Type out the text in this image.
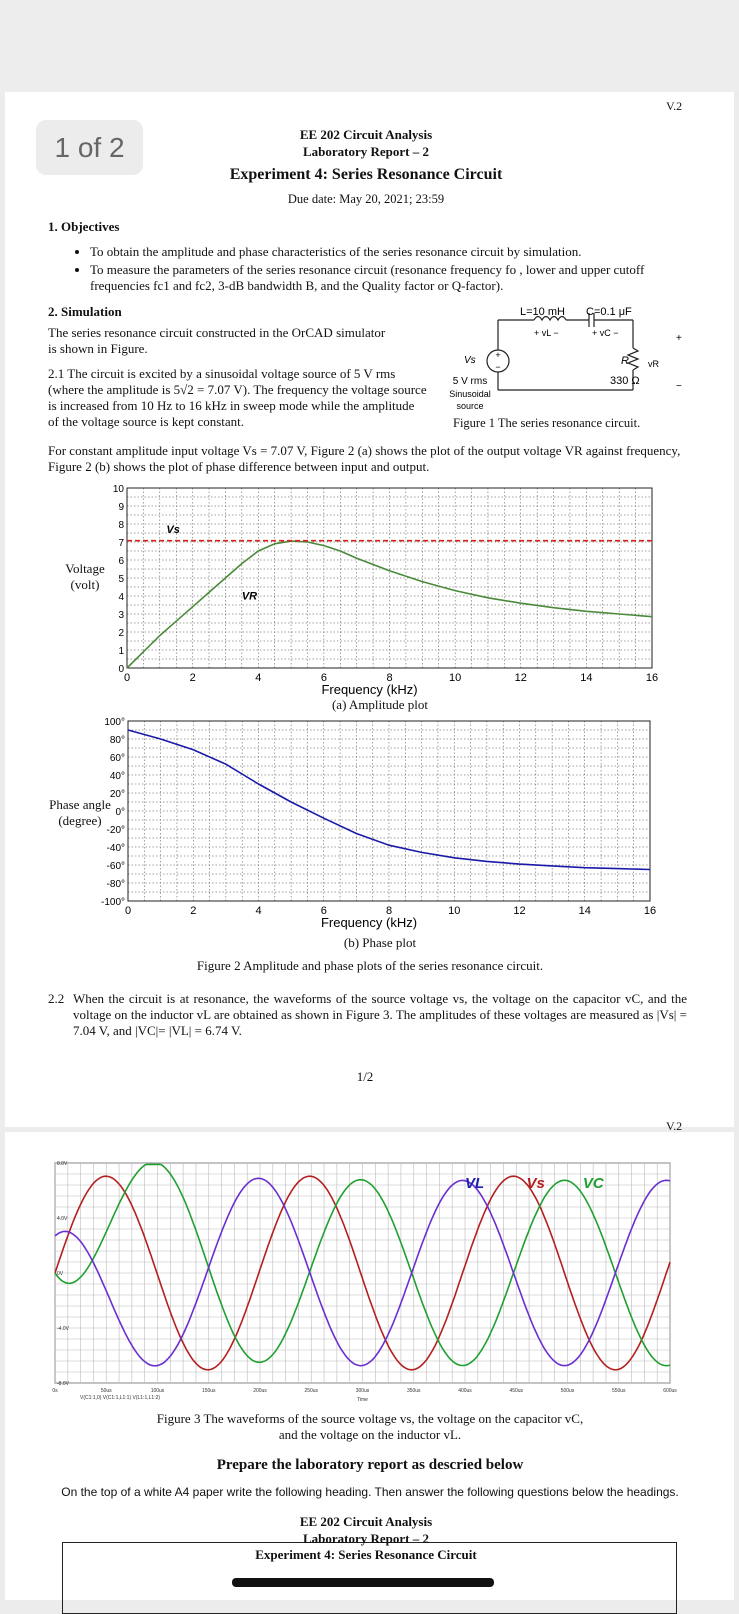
1 of 2
V.2
EE 202 Circuit Analysis
Laboratory Report – 2
Experiment 4: Series Resonance Circuit
Due date: May 20, 2021; 23:59
1. Objectives
• To obtain the amplitude and phase characteristics of the series resonance circuit by simulation.
• To measure the parameters of the series resonance circuit (resonance frequency fo , lower and upper cutoff frequencies fc1 and fc2, 3-dB bandwidth B, and the Quality factor or Q-factor).
2. Simulation
The series resonance circuit constructed in the OrCAD simulator is shown in Figure.
2.1 The circuit is excited by a sinusoidal voltage source of 5 V rms (where the amplitude is 5√2 = 7.07 V). The frequency the voltage source is increased from 10 Hz to 16 kHz in sweep mode while the amplitude of the voltage source is kept constant.
+
−
L=10 mH C=0.1 μF
+ vL −	+ vC −	+
−
R vR
330 Ω
Vs
5 V rms
Sinusoidal
source
Figure 1 The series resonance circuit.
For constant amplitude input voltage Vs = 7.07 V, Figure 2 (a) shows the plot of the output voltage VR against frequency, Figure 2 (b) shows the plot of phase difference between input and output.
Voltage
(volt)
0	2	4	6	8	10	12	14	16
Frequency (kHz)
0
1
2
3
4
5
6
7
8
9
10
VR
Vs
(a) Amplitude plot
Phase angle
(degree)
0	2	4	6	8	10	12	14	16
Frequency (kHz)
100°
80°
60°
40°
20°
0°
-20°
-40°
-60°
-80°
-100°
(b) Phase plot
Figure 2 Amplitude and phase plots of the series resonance circuit.
2.2 When the circuit is at resonance, the waveforms of the source voltage vs, the voltage on the capacitor vC, and the voltage on the inductor vL are obtained as shown in Figure 3. The amplitudes of these voltages are measured as |Vs| = 7.04 V, and |VC|= |VL| = 6.74 V.
1/2
V.2
0s	50us	100us	150us	200us	250us	300us	350us	400us	450us	500us	550us	600us
8.0V
4.0V
0V
-4.0V
-8.0V
Time
V(C1:1,0) V(C1:1,L1:1) V(L1:1,L1:2)
VL	Vs	VC
Figure 3 The waveforms of the source voltage vs, the voltage on the capacitor vC,
and the voltage on the inductor vL.
Prepare the laboratory report as descried below
On the top of a white A4 paper write the following heading. Then answer the following questions below the headings.
EE 202 Circuit Analysis
Laboratory Report – 2
Experiment 4: Series Resonance Circuit
